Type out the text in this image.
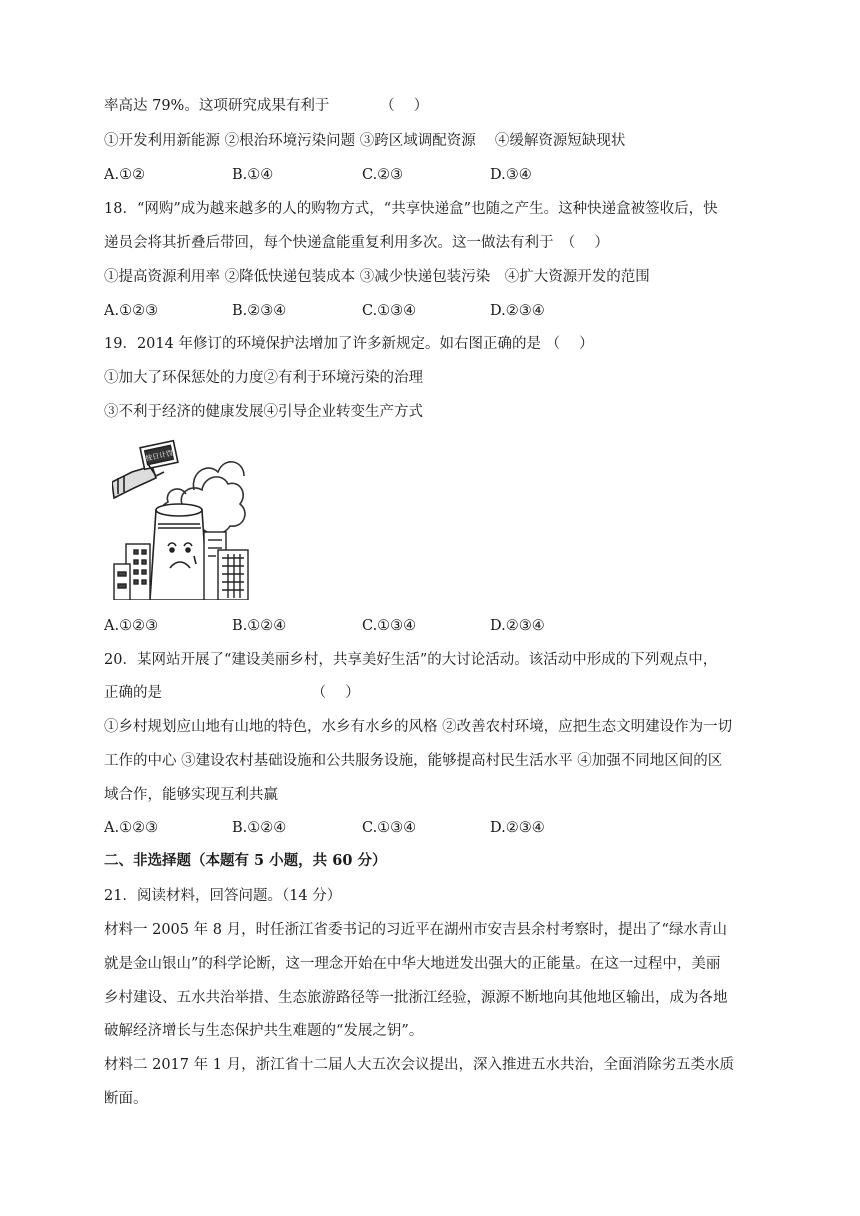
率高达 79%。这项研究成果有利于　　　　（　 ）
①开发利用新能源 ②根治环境污染问题 ③跨区域调配资源　 ④缓解资源短缺现状
A.①②	B.①④	C.②③	D.③④
18．“网购”成为越来越多的人的购物方式，“共享快递盒”也随之产生。这种快递盒被签收后，快
递员会将其折叠后带回，每个快递盒能重复利用多次。这一做法有利于　（　 ）
①提高资源利用率 ②降低快递包装成本 ③减少快递包装污染　④扩大资源开发的范围
A.①②③	B.②③④	C.①③④	D.②③④
19．2014 年修订的环境保护法增加了许多新规定。如右图正确的是 （　 ）
①加大了环保惩处的力度②有利于环境污染的治理
③不利于经济的健康发展④引导企业转变生产方式
按日计罚
A.①②③	B.①②④	C.①③④	D.②③④
20．某网站开展了“建设美丽乡村，共享美好生活”的大讨论活动。该活动中形成的下列观点中，
正确的是　　　　　　　　　　 （　 ）
①乡村规划应山地有山地的特色，水乡有水乡的风格 ②改善农村环境，应把生态文明建设作为一切
工作的中心 ③建设农村基础设施和公共服务设施，能够提高村民生活水平 ④加强不同地区间的区
域合作，能够实现互利共赢
A.①②③	B.①②④	C.①③④	D.②③④
二、非选择题（本题有 5 小题，共 60 分）
21．阅读材料，回答问题。（14 分）
材料一 2005 年 8 月，时任浙江省委书记的习近平在湖州市安吉县余村考察时，提出了“绿水青山
就是金山银山”的科学论断，这一理念开始在中华大地迸发出强大的正能量。在这一过程中，美丽
乡村建设、五水共治举措、生态旅游路径等一批浙江经验，源源不断地向其他地区输出，成为各地
破解经济增长与生态保护共生难题的“发展之钥”。
材料二 2017 年 1 月，浙江省十二届人大五次会议提出，深入推进五水共治，全面消除劣五类水质
断面。
